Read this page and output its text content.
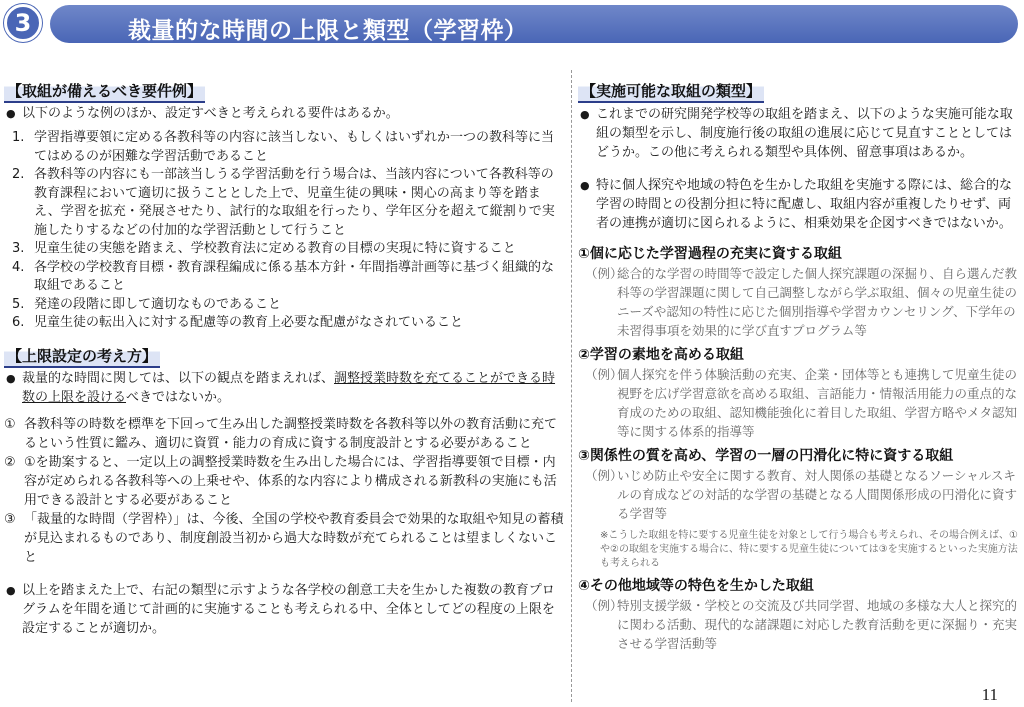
裁量的な時間の上限と類型（学習枠）
3
【取組が備えるべき要件例】
● 以下のような例のほか、設定すべきと考えられる要件はあるか。
1. 学習指導要領に定める各教科等の内容に該当しない、もしくはいずれか一つの教科等に当てはめるのが困難な学習活動であること
2. 各教科等の内容にも一部該当しうる学習活動を行う場合は、当該内容について各教科等の教育課程において適切に扱うこととした上で、児童生徒の興味・関心の高まり等を踏まえ、学習を拡充・発展させたり、試行的な取組を行ったり、学年区分を超えて縦割りで実施したりするなどの付加的な学習活動として行うこと
3. 児童生徒の実態を踏まえ、学校教育法に定める教育の目標の実現に特に資すること
4. 各学校の学校教育目標・教育課程編成に係る基本方針・年間指導計画等に基づく組織的な取組であること
5. 発達の段階に即して適切なものであること
6. 児童生徒の転出入に対する配慮等の教育上必要な配慮がなされていること
【上限設定の考え方】
● 裁量的な時間に関しては、以下の観点を踏まえれば、調整授業時数を充てることができる時数の上限を設けるべきではないか。
① 各教科等の時数を標準を下回って生み出した調整授業時数を各教科等以外の教育活動に充てるという性質に鑑み、適切に資質・能力の育成に資する制度設計とする必要があること
② ①を勘案すると、一定以上の調整授業時数を生み出した場合には、学習指導要領で目標・内容が定められる各教科等への上乗せや、体系的な内容により構成される新教科の実施にも活用できる設計とする必要があること
③ 「裁量的な時間（学習枠）」は、今後、全国の学校や教育委員会で効果的な取組や知見の蓄積が見込まれるものであり、制度創設当初から過大な時数が充てられることは望ましくないこと
● 以上を踏まえた上で、右記の類型に示すような各学校の創意工夫を生かした複数の教育プログラムを年間を通じて計画的に実施することも考えられる中、全体としてどの程度の上限を設定することが適切か。
【実施可能な取組の類型】
● これまでの研究開発学校等の取組を踏まえ、以下のような実施可能な取組の類型を示し、制度施行後の取組の進展に応じて見直すこととしてはどうか。この他に考えられる類型や具体例、留意事項はあるか。
● 特に個人探究や地域の特色を生かした取組を実施する際には、総合的な学習の時間との役割分担に特に配慮し、取組内容が重複したりせず、両者の連携が適切に図られるように、相乗効果を企図すべきではないか。
①個に応じた学習過程の充実に資する取組
（例）
総合的な学習の時間等で設定した個人探究課題の深掘り、自ら選んだ教科等の学習課題に関して自己調整しながら学ぶ取組、個々の児童生徒のニーズや認知の特性に応じた個別指導や学習カウンセリング、下学年の未習得事項を効果的に学び直すプログラム等
②学習の素地を高める取組
（例）
個人探究を伴う体験活動の充実、企業・団体等とも連携して児童生徒の視野を広げ学習意欲を高める取組、言語能力・情報活用能力の重点的な育成のための取組、認知機能強化に着目した取組、学習方略やメタ認知等に関する体系的指導等
③関係性の質を高め、学習の一層の円滑化に特に資する取組
（例）
いじめ防止や安全に関する教育、対人関係の基礎となるソーシャルスキルの育成などの対話的な学習の基礎となる人間関係形成の円滑化に資する学習等
※こうした取組を特に要する児童生徒を対象として行う場合も考えられ、その場合例えば、①や②の取組を実施する場合に、特に要する児童生徒については③を実施するといった実施方法も考えられる
④その他地域等の特色を生かした取組
（例）
特別支援学級・学校との交流及び共同学習、地域の多様な大人と探究的に関わる活動、現代的な諸課題に対応した教育活動を更に深掘り・充実させる学習活動等
11
